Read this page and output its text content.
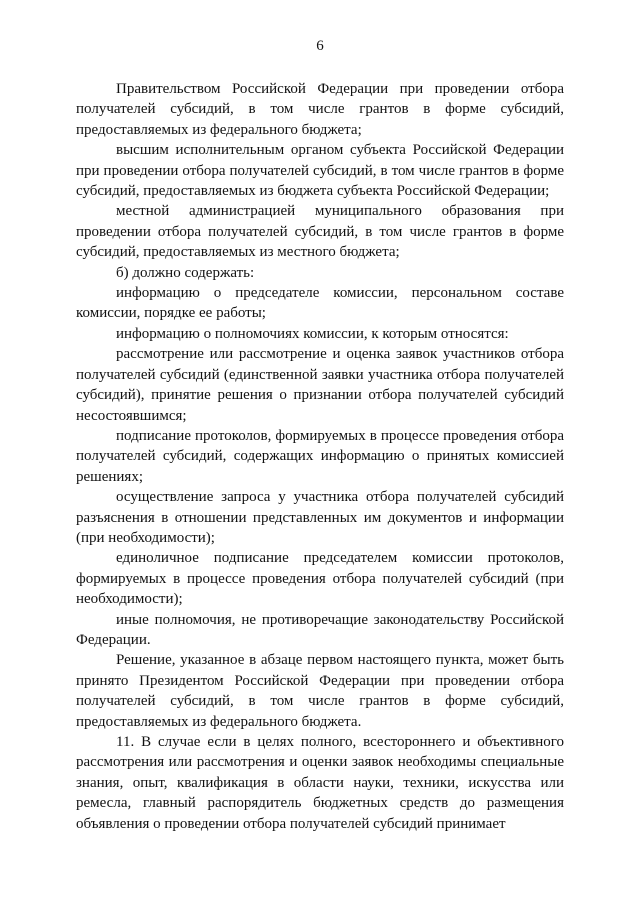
6

Правительством Российской Федерации при проведении отбора получателей субсидий, в том числе грантов в форме субсидий, предоставляемых из федерального бюджета;

высшим исполнительным органом субъекта Российской Федерации при проведении отбора получателей субсидий, в том числе грантов в форме субсидий, предоставляемых из бюджета субъекта Российской Федерации;

местной администрацией муниципального образования при проведении отбора получателей субсидий, в том числе грантов в форме субсидий, предоставляемых из местного бюджета;

б) должно содержать:

информацию о председателе комиссии, персональном составе комиссии, порядке ее работы;

информацию о полномочиях комиссии, к которым относятся:

рассмотрение или рассмотрение и оценка заявок участников отбора получателей субсидий (единственной заявки участника отбора получателей субсидий), принятие решения о признании отбора получателей субсидий несостоявшимся;

подписание протоколов, формируемых в процессе проведения отбора получателей субсидий, содержащих информацию о принятых комиссией решениях;

осуществление запроса у участника отбора получателей субсидий разъяснения в отношении представленных им документов и информации (при необходимости);

единоличное подписание председателем комиссии протоколов, формируемых в процессе проведения отбора получателей субсидий (при необходимости);

иные полномочия, не противоречащие законодательству Российской Федерации.

Решение, указанное в абзаце первом настоящего пункта, может быть принято Президентом Российской Федерации при проведении отбора получателей субсидий, в том числе грантов в форме субсидий, предоставляемых из федерального бюджета.

11. В случае если в целях полного, всестороннего и объективного рассмотрения или рассмотрения и оценки заявок необходимы специальные знания, опыт, квалификация в области науки, техники, искусства или ремесла, главный распорядитель бюджетных средств до размещения объявления о проведении отбора получателей субсидий принимает
